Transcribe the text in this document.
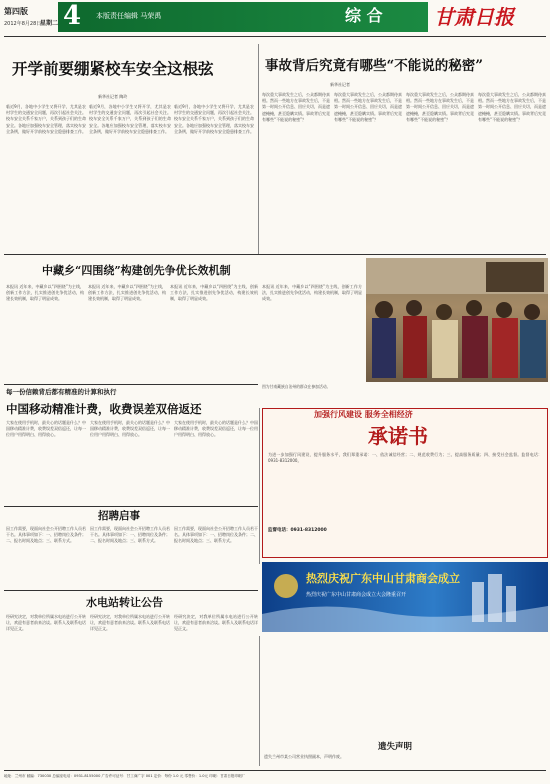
第四版
2012年8月28日
星期二 4	本版责任编辑 马荣禹	综 合	甘肃日报
开学前要绷紧校车安全这根弦
新华社记者 陶玲
临近9月，各地中小学生又将开学，尤其是农村学生的交通安全问题，再次引起社会关注。校车安全关系千家万户，关系到孩子们的生命安全。各地应加强校车安全管理，落实校车安全条例，做好开学前校车安全隐患排查工作。
临近9月，各地中小学生又将开学，尤其是农村学生的交通安全问题，再次引起社会关注。校车安全关系千家万户，关系到孩子们的生命安全。各地应加强校车安全管理，落实校车安全条例，做好开学前校车安全隐患排查工作。
临近9月，各地中小学生又将开学，尤其是农村学生的交通安全问题，再次引起社会关注。校车安全关系千家万户，关系到孩子们的生命安全。各地应加强校车安全管理，落实校车安全条例，做好开学前校车安全隐患排查工作。
事故背后究竟有哪些“不能说的秘密”
新华社记者
每次重大事故发生之后，公众都期待真相。然而一些地方在事故发生后，不是第一时间公开信息、回应关切，而是遮遮掩掩，甚至隐瞒实情。事故背后究竟有哪些“不能说的秘密”？
每次重大事故发生之后，公众都期待真相。然而一些地方在事故发生后，不是第一时间公开信息、回应关切，而是遮遮掩掩，甚至隐瞒实情。事故背后究竟有哪些“不能说的秘密”？
每次重大事故发生之后，公众都期待真相。然而一些地方在事故发生后，不是第一时间公开信息、回应关切，而是遮遮掩掩，甚至隐瞒实情。事故背后究竟有哪些“不能说的秘密”？
每次重大事故发生之后，公众都期待真相。然而一些地方在事故发生后，不是第一时间公开信息、回应关切，而是遮遮掩掩，甚至隐瞒实情。事故背后究竟有哪些“不能说的秘密”？
中藏乡“四围绕”构建创先争优长效机制
本报讯 近年来，中藏乡以“四围绕”为主线，创新工作方法，扎实推进创先争优活动，构建长效机制，取得了明显成效。
本报讯 近年来，中藏乡以“四围绕”为主线，创新工作方法，扎实推进创先争优活动，构建长效机制，取得了明显成效。
本报讯 近年来，中藏乡以“四围绕”为主线，创新工作方法，扎实推进创先争优活动，构建长效机制，取得了明显成效。
本报讯 近年来，中藏乡以“四围绕”为主线，创新工作方法，扎实推进创先争优活动，构建长效机制，取得了明显成效。
图为甘南藏族自治州的群众在参加活动。
每一份信赖背后都有精准的计算和执行
中国移动精准计费，收费误差双倍返还
大家在使用手机时，最关心的话题是什么？中国移动精准计费，收费误差双倍返还，让每一位用户用得明白、用得放心。
大家在使用手机时，最关心的话题是什么？中国移动精准计费，收费误差双倍返还，让每一位用户用得明白、用得放心。
大家在使用手机时，最关心的话题是什么？中国移动精准计费，收费误差双倍返还，让每一位用户用得明白、用得放心。
加强行风建设 服务全相经济
承诺书
为进一步加强行风建设，提升服务水平，我们郑重承诺：一、依法诚信经营；二、规范收费行为；三、提高服务质量；四、接受社会监督。监督电话：0931-8312000。
监督电话：0931-8312000
招聘启事
因工作需要，现面向社会公开招聘工作人员若干名。具体事项如下：一、招聘岗位及条件；二、报名时间及地点；三、联系方式。
因工作需要，现面向社会公开招聘工作人员若干名。具体事项如下：一、招聘岗位及条件；二、报名时间及地点；三、联系方式。
因工作需要，现面向社会公开招聘工作人员若干名。具体事项如下：一、招聘岗位及条件；二、报名时间及地点；三、联系方式。
热烈庆祝广东中山甘肃商会成立
热烈庆祝广东中山甘肃商会成立大会隆重召开
水电站转让公告
经研究决定，对我单位所属水电站进行公开转让，欢迎有意者前来洽谈。联系人及联系电话详见正文。
经研究决定，对我单位所属水电站进行公开转让，欢迎有意者前来洽谈。联系人及联系电话详见正文。
经研究决定，对我单位所属水电站进行公开转让，欢迎有意者前来洽谈。联系人及联系电话详见正文。
遗失声明
遗失兰州市某公司营业执照副本，声明作废。
地址：兰州市 邮编：730030 总编室电话：0931-8155000 广告许可证号：甘工商广字 001 定价：每份 1.0 元 零售价：1.0元 印刷：甘肃日报印刷厂
